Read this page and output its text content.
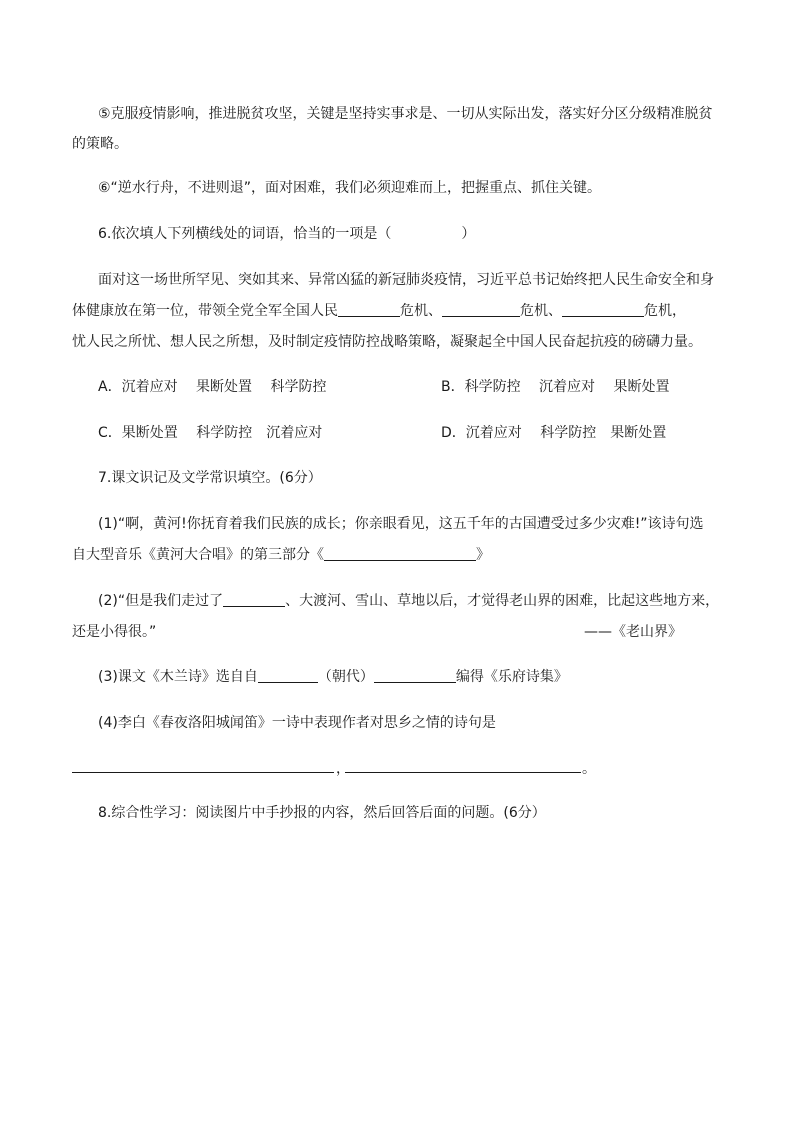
⑤克服疫情影响，推进脱贫攻坚，关键是坚持实事求是、一切从实际出发，落实好分区分级精准脱贫
的策略。
⑥“逆水行舟，不进则退”，面对困难，我们必须迎难而上，把握重点、抓住关键。
6.依次填人下列横线处的词语，恰当的一项是（	）
面对这一场世所罕见、突如其来、异常凶猛的新冠肺炎疫情，习近平总书记始终把人民生命安全和身
体健康放在第一位，带领全党全军全国人民	危机、	危机、	危机，
忧人民之所忧、想人民之所想，及时制定疫情防控战略策略，凝聚起全中国人民奋起抗疫的磅礴力量。
A．沉着应对　 果断处置　 科学防控	B．科学防控　 沉着应对　 果断处置
C．果断处置　 科学防控　沉着应对	D．沉着应对　 科学防控　果断处置
7.课文识记及文学常识填空。(6分）
(1)“啊，黄河!你抚育着我们民族的成长；你亲眼看见，这五千年的古国遭受过多少灾难!”该诗句选
自大型音乐《黄河大合唱》的第三部分《	》
(2)“但是我们走过了	、大渡河、雪山、草地以后，才觉得老山界的困难，比起这些地方来，
还是小得很。”	——《老山界》
(3)课文《木兰诗》选自自	（朝代）	编得《乐府诗集》
(4)李白《春夜洛阳城闻笛》一诗中表现作者对思乡之情的诗句是
，	。
8.综合性学习：阅读图片中手抄报的内容，然后回答后面的问题。(6分）
